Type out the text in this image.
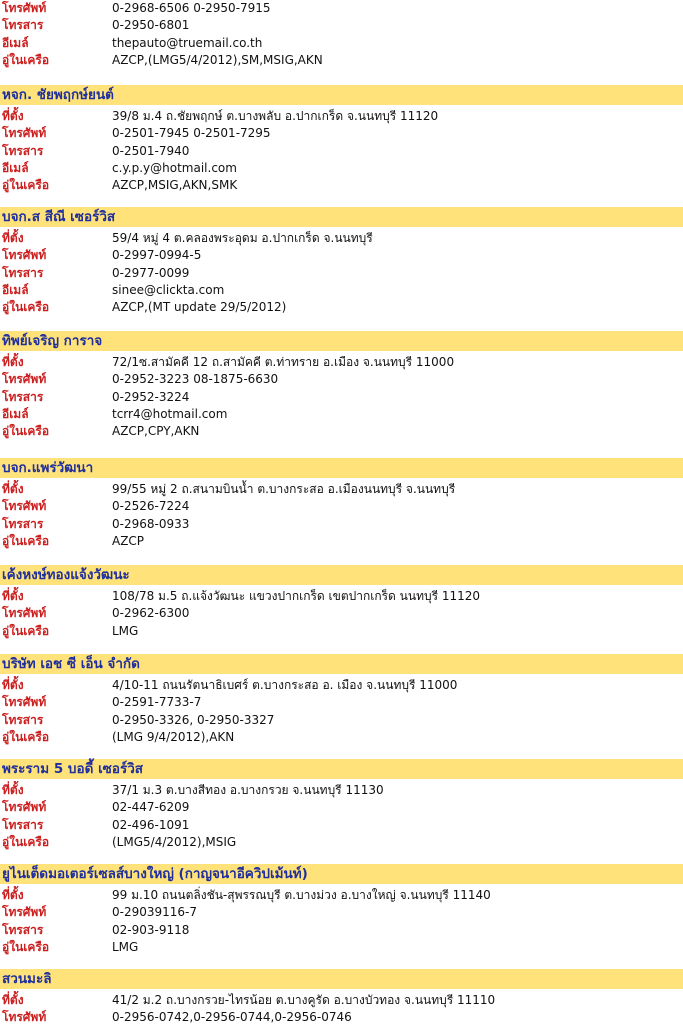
โทรศัพท์	0-2968-6506 0-2950-7915
โทรสาร	0-2950-6801
อีเมล์	thepauto@truemail.co.th
อู่ในเครือ	AZCP,(LMG5/4/2012),SM,MSIG,AKN
หจก. ชัยพฤกษ์ยนต์
ที่ตั้ง	39/8 ม.4 ถ.ชัยพฤกษ์ ต.บางพลับ อ.ปากเกร็ด จ.นนทบุรี 11120
โทรศัพท์	0-2501-7945 0-2501-7295
โทรสาร	0-2501-7940
อีเมล์	c.y.p.y@hotmail.com
อู่ในเครือ	AZCP,MSIG,AKN,SMK
บจก.ส สีณี เซอร์วิส
ที่ตั้ง	59/4 หมู่ 4 ต.คลองพระอุดม อ.ปากเกร็ด จ.นนทบุรี
โทรศัพท์	0-2997-0994-5
โทรสาร	0-2977-0099
อีเมล์	sinee@clickta.com
อู่ในเครือ	AZCP,(MT update 29/5/2012)
ทิพย์เจริญ การาจ
ที่ตั้ง	72/1ซ.สามัคคี 12 ถ.สามัคคี ต.ท่าทราย อ.เมือง จ.นนทบุรี 11000
โทรศัพท์	0-2952-3223 08-1875-6630
โทรสาร	0-2952-3224
อีเมล์	tcrr4@hotmail.com
อู่ในเครือ	AZCP,CPY,AKN
บจก.แพร่วัฒนา
ที่ตั้ง	99/55 หมู่ 2 ถ.สนามบินน้ำ ต.บางกระสอ อ.เมืองนนทบุรี จ.นนทบุรี
โทรศัพท์	0-2526-7224
โทรสาร	0-2968-0933
อู่ในเครือ	AZCP
เค้งหงษ์ทองแจ้งวัฒนะ
ที่ตั้ง	108/78 ม.5 ถ.แจ้งวัฒนะ แขวงปากเกร็ด เขตปากเกร็ด นนทบุรี 11120
โทรศัพท์	0-2962-6300
อู่ในเครือ	LMG
บริษัท เอช ซี เอ็น จำกัด
ที่ตั้ง	4/10-11 ถนนรัตนาธิเบศร์ ต.บางกระสอ อ. เมือง จ.นนทบุรี 11000
โทรศัพท์	0-2591-7733-7
โทรสาร	0-2950-3326, 0-2950-3327
อู่ในเครือ	(LMG 9/4/2012),AKN
พระราม 5 บอดี้ เซอร์วิส
ที่ตั้ง	37/1 ม.3 ต.บางสีทอง อ.บางกรวย จ.นนทบุรี 11130
โทรศัพท์	02-447-6209
โทรสาร	02-496-1091
อู่ในเครือ	(LMG5/4/2012),MSIG
ยูไนเต็ดมอเตอร์เซลส์บางใหญ่ (กาญจนาอีควิปเม้นท์)
ที่ตั้ง	99 ม.10 ถนนตลิ่งชัน-สุพรรณบุรี ต.บางม่วง อ.บางใหญ่ จ.นนทบุรี 11140
โทรศัพท์	0-29039116-7
โทรสาร	02-903-9118
อู่ในเครือ	LMG
สวนมะลิ
ที่ตั้ง	41/2 ม.2 ถ.บางกรวย-ไทรน้อย ต.บางคูรัด อ.บางบัวทอง จ.นนทบุรี 11110
โทรศัพท์	0-2956-0742,0-2956-0744,0-2956-0746
